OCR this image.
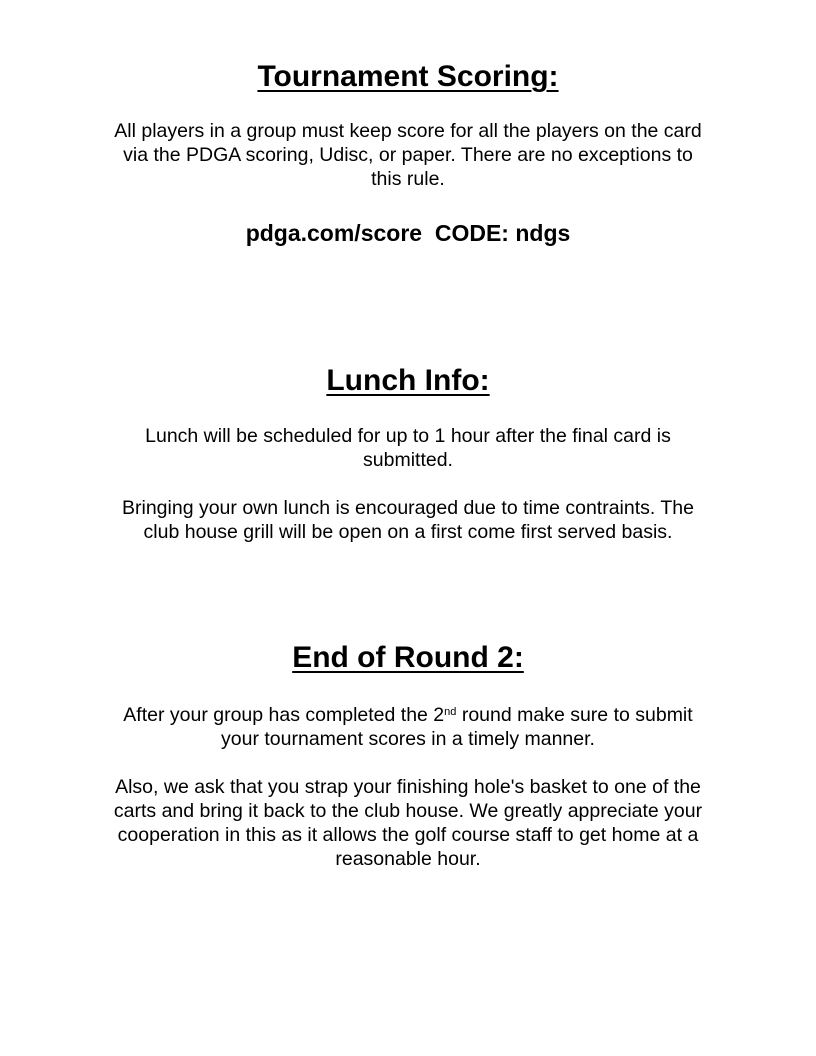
Tournament Scoring:

All players in a group must keep score for all the players on the card via the PDGA scoring, Udisc, or paper. There are no exceptions to this rule.

pdga.com/score  CODE: ndgs

Lunch Info:

Lunch will be scheduled for up to 1 hour after the final card is submitted.

Bringing your own lunch is encouraged due to time contraints. The club house grill will be open on a first come first served basis.

End of Round 2:

After your group has completed the 2nd round make sure to submit your tournament scores in a timely manner.

Also, we ask that you strap your finishing hole's basket to one of the carts and bring it back to the club house. We greatly appreciate your cooperation in this as it allows the golf course staff to get home at a reasonable hour.
